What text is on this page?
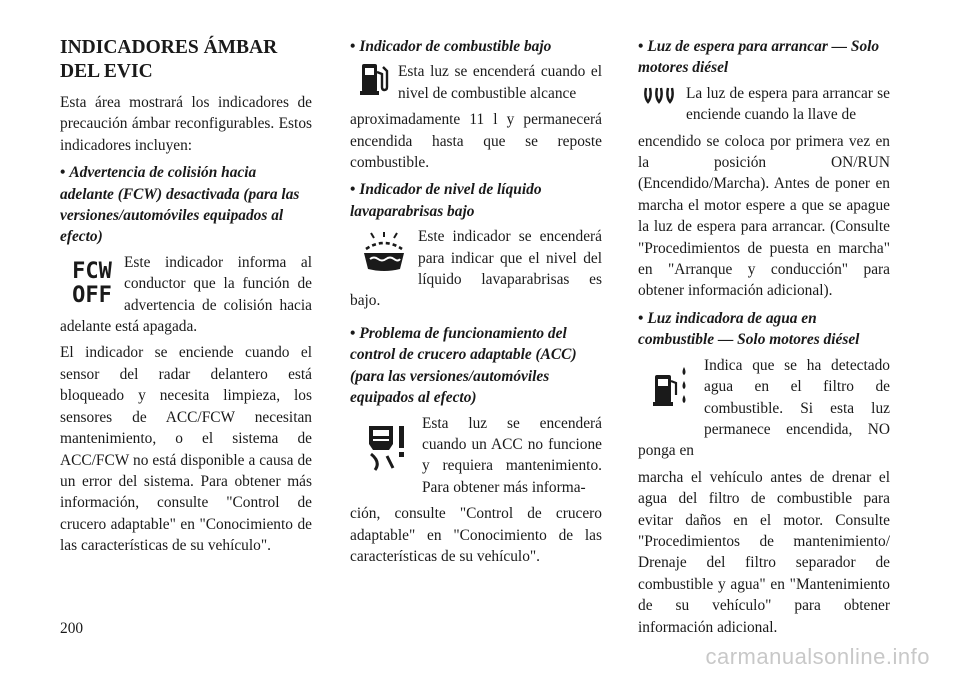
INDICADORES ÁMBAR
DEL EVIC

Esta área mostrará los indicadores de precaución ámbar reconfigurables. Estos indicadores incluyen:

• Advertencia de colisión hacia adelante (FCW) desactivada (para las versiones/automóviles equipados al efecto)
FCW
OFF

Este indicador informa al conductor que la función de advertencia de colisión hacia adelante está apagada.

El indicador se enciende cuando el sensor del radar delantero está bloqueado y necesita limpieza, los sensores de ACC/FCW necesitan mantenimiento, o el sistema de ACC/FCW no está disponible a causa de un error del sistema. Para obtener más información, consulte "Control de crucero adaptable" en "Conocimiento de las características de su vehículo".

• Indicador de combustible bajo

Esta luz se encenderá cuando el nivel de combustible alcance

aproximadamente 11 l y permanecerá encendida hasta que se reposte combustible.

• Indicador de nivel de líquido lavaparabrisas bajo

Este indicador se encenderá para indicar que el nivel del líquido lavaparabrisas es bajo.

• Problema de funcionamiento del control de crucero adaptable (ACC) (para las versiones/automóviles equipados al efecto)

Esta luz se encenderá cuando un ACC no funcione y requiera mantenimiento. Para obtener más informa-

ción, consulte "Control de crucero adaptable" en "Conocimiento de las características de su vehículo".

• Luz de espera para arrancar — Solo motores diésel

La luz de espera para arrancar se enciende cuando la llave de

encendido se coloca por primera vez en la posición ON/RUN (Encendido/Marcha). Antes de poner en marcha el motor espere a que se apague la luz de espera para arrancar. (Consulte "Procedimientos de puesta en marcha" en "Arranque y conducción" para obtener información adicional).

• Luz indicadora de agua en combustible — Solo motores diésel

Indica que se ha detectado agua en el filtro de combustible. Si esta luz permanece encendida, NO ponga en

marcha el vehículo antes de drenar el agua del filtro de combustible para evitar daños en el motor. Consulte "Procedimientos de mantenimiento/ Drenaje del filtro separador de combustible y agua" en "Mantenimiento de su vehículo" para obtener información adicional.

200
carmanualsonline.info
